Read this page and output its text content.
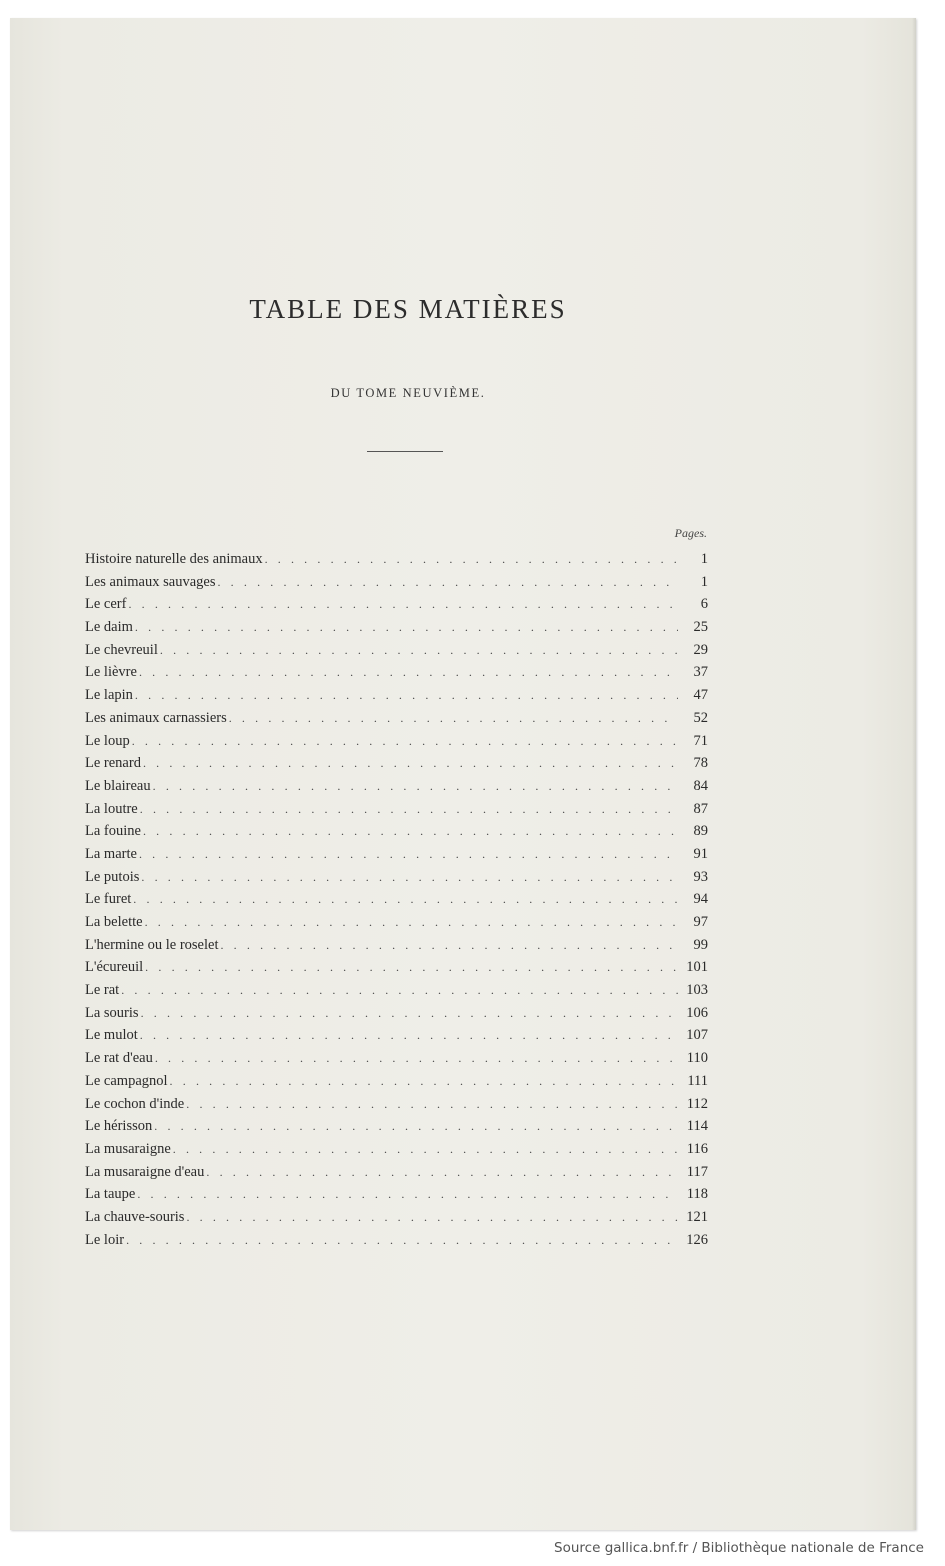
TABLE DES MATIÈRES

DU TOME NEUVIÈME.

Pages.
Histoire naturelle des animaux . . .	1
Les animaux sauvages . . .	1
Le cerf . . .	6
Le daim . . .	25
Le chevreuil . . .	29
Le lièvre . . .	37
Le lapin . . .	47
Les animaux carnassiers . . .	52
Le loup . . .	71
Le renard . . .	78
Le blaireau . . .	84
La loutre . . .	87
La fouine . . .	89
La marte . . .	91
Le putois . . .	93
Le furet . . .	94
La belette . . .	97
L'hermine ou le roselet . . .	99
L'écureuil . . .	101
Le rat . . .	103
La souris . . .	106
Le mulot . . .	107
Le rat d'eau . . .	110
Le campagnol . . .	111
Le cochon d'inde . . .	112
Le hérisson . . .	114
La musaraigne . . .	116
La musaraigne d'eau . . .	117
La taupe . . .	118
La chauve-souris . . .	121
Le loir . . .	126

Source gallica.bnf.fr / Bibliothèque nationale de France
